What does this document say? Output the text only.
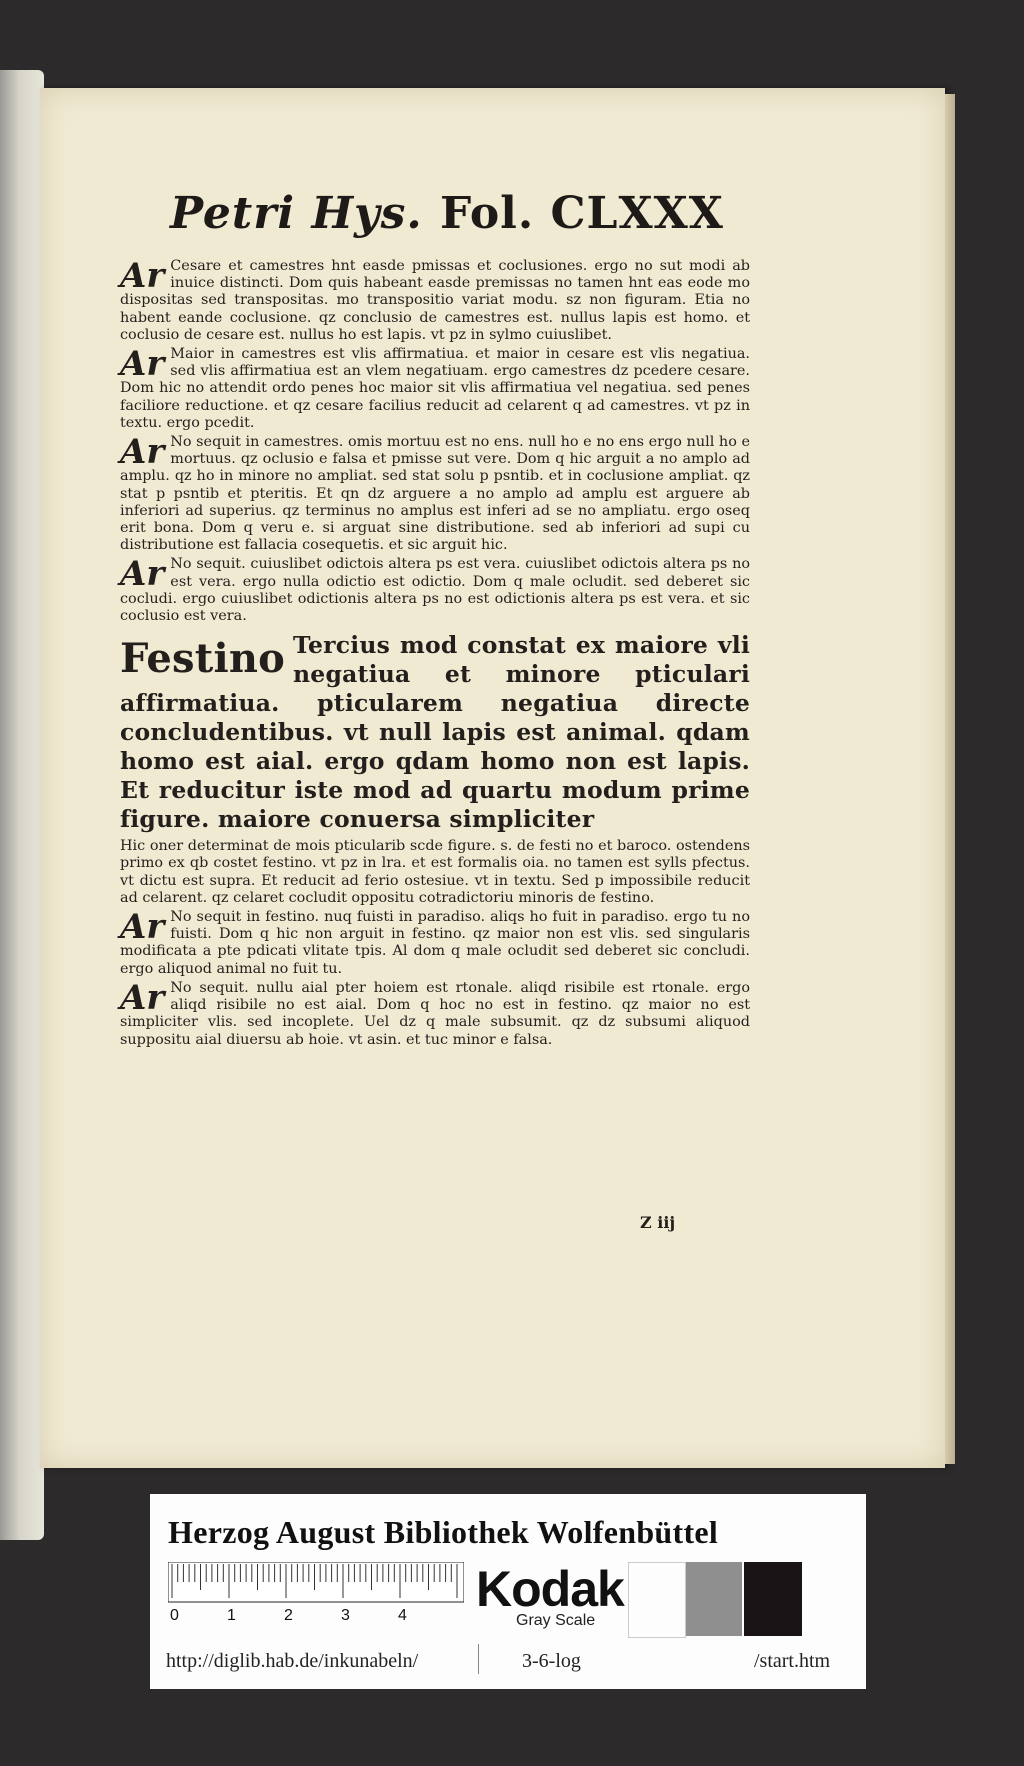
Petri Hys. Fol. CLXXX

Ar Cesare et camestres hnt easde pmissas et coclusiones. ergo no sut modi ab inuice distincti. Dom quis habeant easde premissas no tamen hnt eas eode mo dispositas sed transpositas. mo transpositio variat modu. sz non figuram. Etia no habent eande coclusione. qz conclusio de camestres est. nullus lapis est homo. et coclusio de cesare est. nullus ho est lapis. vt pz in sylmo cuiuslibet.

Ar Maior in camestres est vlis affirmatiua. et maior in cesare est vlis negatiua. sed vlis affirmatiua est an vlem negatiuam. ergo camestres dz pcedere cesare. Dom hic no attendit ordo penes hoc maior sit vlis affirmatiua vel negatiua. sed penes faciliore reductione. et qz cesare facilius reducit ad celarent q ad camestres. vt pz in textu. ergo pcedit.

Ar No sequit in camestres. omis mortuu est no ens. null ho e no ens ergo null ho e mortuus. qz oclusio e falsa et pmisse sut vere. Dom q hic arguit a no amplo ad amplu. qz ho in minore no ampliat. sed stat solu p psntib. et in coclusione ampliat. qz stat p psntib et pteritis. Et qn dz arguere a no amplo ad amplu est arguere ab inferiori ad superius. qz terminus no amplus est inferi ad se no ampliatu. ergo oseq erit bona. Dom q veru e. si arguat sine distributione. sed ab inferiori ad supi cu distributione est fallacia cosequetis. et sic arguit hic.

Ar No sequit. cuiuslibet odictois altera ps est vera. cuiuslibet odictois altera ps no est vera. ergo nulla odictio est odictio. Dom q male ocludit. sed deberet sic cocludi. ergo cuiuslibet odictionis altera ps no est odictionis altera ps est vera. et sic coclusio est vera.

Festino Tercius mod constat ex maiore vli negatiua et minore pticulari affirmatiua. pticularem negatiua directe concludentibus. vt null lapis est animal. qdam homo est aial. ergo qdam homo non est lapis. Et reducitur iste mod ad quartu modum prime figure. maiore conuersa simpliciter

Hic oner determinat de mois pticularib scde figure. s. de festi no et baroco. ostendens primo ex qb costet festino. vt pz in lra. et est formalis oia. no tamen est sylls pfectus. vt dictu est supra. Et reducit ad ferio ostesiue. vt in textu. Sed p impossibile reducit ad celarent. qz celaret cocludit oppositu cotradictoriu minoris de festino.

Ar No sequit in festino. nuq fuisti in paradiso. aliqs ho fuit in paradiso. ergo tu no fuisti. Dom q hic non arguit in festino. qz maior non est vlis. sed singularis modificata a pte pdicati vlitate tpis. Al dom q male ocludit sed deberet sic concludi. ergo aliquod animal no fuit tu.

Ar No sequit. nullu aial pter hoiem est rtonale. aliqd risibile est rtonale. ergo aliqd risibile no est aial. Dom q hoc no est in festino. qz maior no est simpliciter vlis. sed incoplete. Uel dz q male subsumit. qz dz subsumi aliquod suppositu aial diuersu ab hoie. vt asin. et tuc minor e falsa.

Z iij
Herzog August Bibliothek Wolfenbüttel
0	1	2	3	4 Kodak
Gray Scale
http://diglib.hab.de/inkunabeln/	3-6-log	/start.htm
